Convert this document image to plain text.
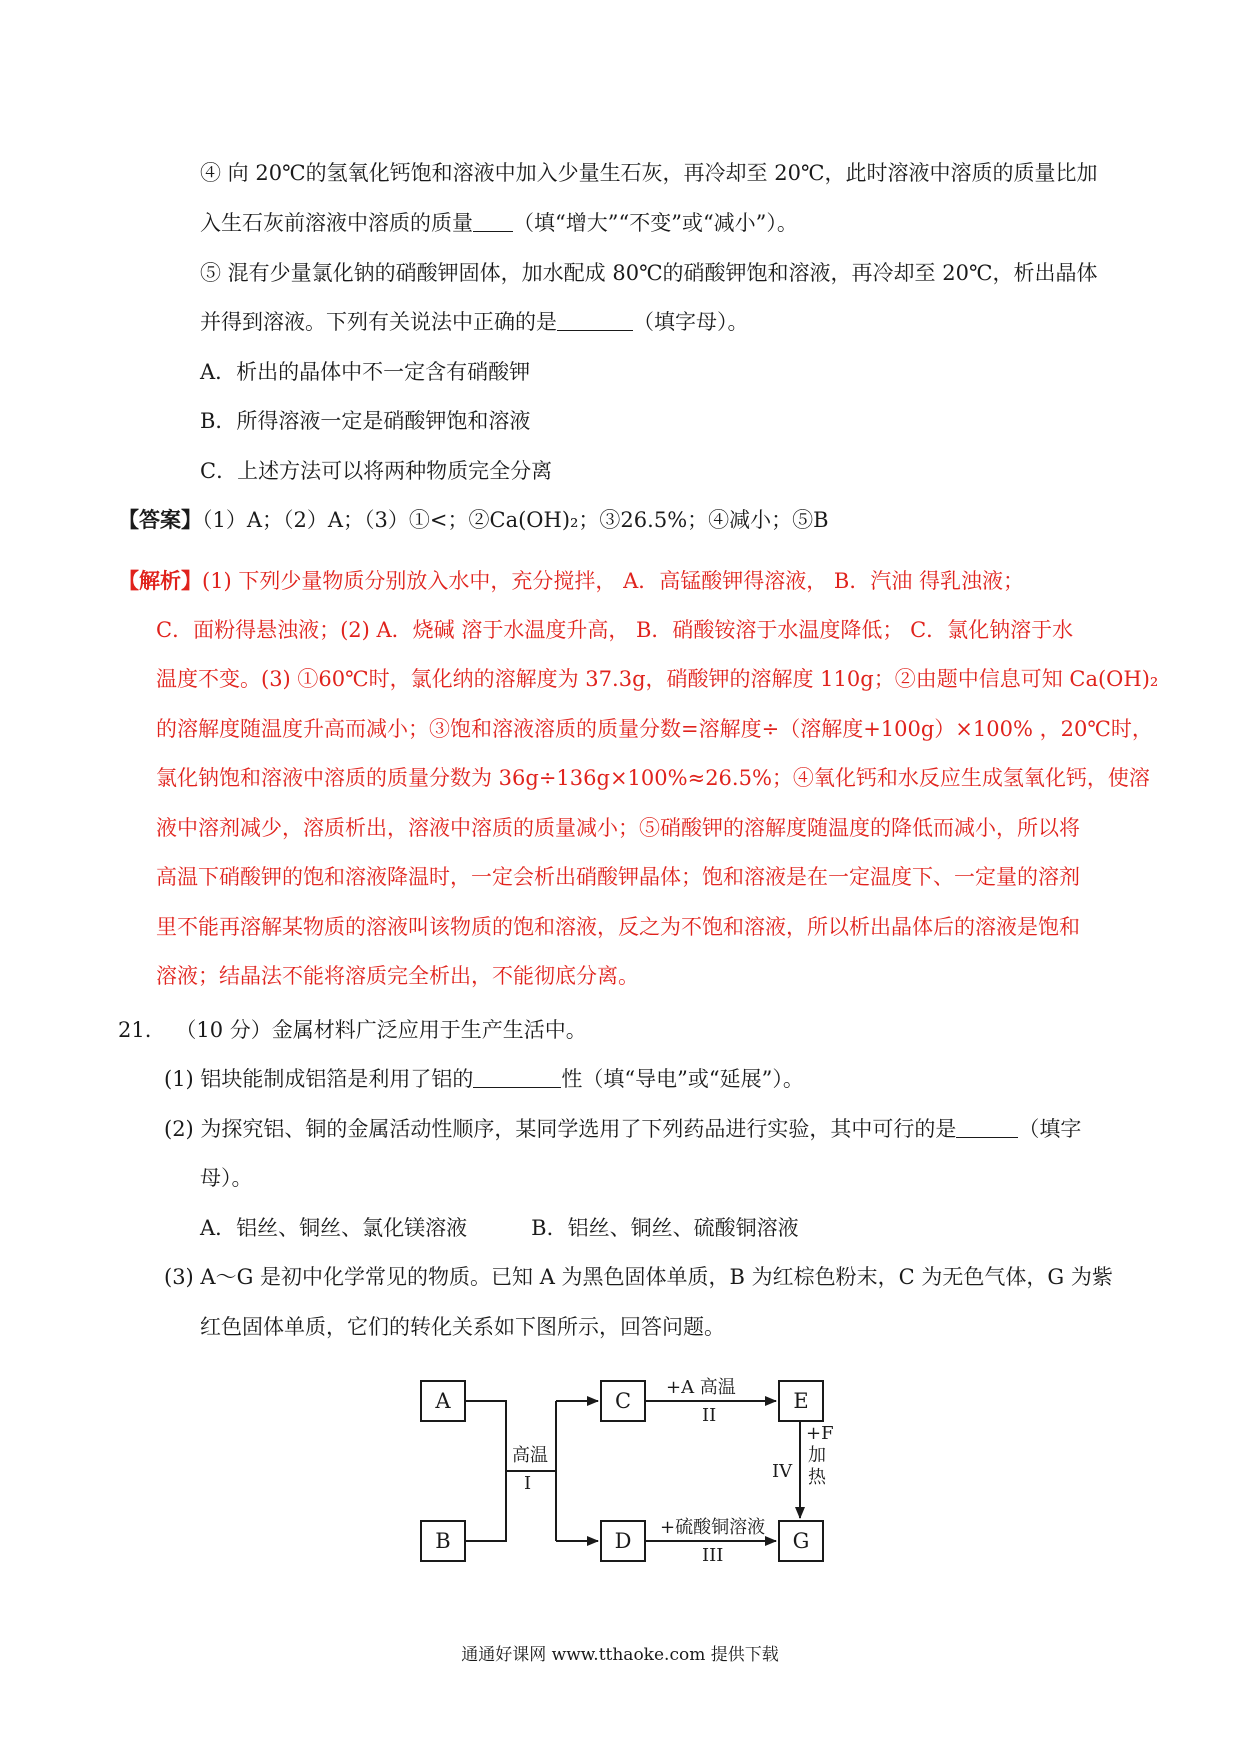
④ 向 20℃的氢氧化钙饱和溶液中加入少量生石灰，再冷却至 20℃，此时溶液中溶质的质量比加

入生石灰前溶液中溶质的质量 （填“增大”“不变”或“减小”）。

⑤ 混有少量氯化钠的硝酸钾固体，加水配成 80℃的硝酸钾饱和溶液，再冷却至 20℃，析出晶体

并得到溶液。下列有关说法中正确的是	（填字母）。

A．析出的晶体中不一定含有硝酸钾

B．所得溶液一定是硝酸钾饱和溶液

C．上述方法可以将两种物质完全分离

【答案】（1）A；（2）A；（3）①<；②Ca(OH)₂；③26.5%；④减小；⑤B

【解析】(1) 下列少量物质分别放入水中，充分搅拌， A．高锰酸钾得溶液， B．汽油 得乳浊液；

C．面粉得悬浊液；(2) A．烧碱 溶于水温度升高， B．硝酸铵溶于水温度降低； C．氯化钠溶于水

温度不变。(3) ①60℃时，氯化纳的溶解度为 37.3g，硝酸钾的溶解度 110g；②由题中信息可知 Ca(OH)₂

的溶解度随温度升高而减小；③饱和溶液溶质的质量分数=溶解度÷（溶解度+100g）×100% ，20℃时，

氯化钠饱和溶液中溶质的质量分数为 36g÷136g×100%≈26.5%；④氧化钙和水反应生成氢氧化钙，使溶

液中溶剂减少，溶质析出，溶液中溶质的质量减小；⑤硝酸钾的溶解度随温度的降低而减小，所以将

高温下硝酸钾的饱和溶液降温时，一定会析出硝酸钾晶体；饱和溶液是在一定温度下、一定量的溶剂

里不能再溶解某物质的溶液叫该物质的饱和溶液，反之为不饱和溶液，所以析出晶体后的溶液是饱和

溶液；结晶法不能将溶质完全析出，不能彻底分离。

21. （10 分）金属材料广泛应用于生产生活中。

(1) 铝块能制成铝箔是利用了铝的	性（填“导电”或“延展”）。

(2) 为探究铝、铜的金属活动性顺序，某同学选用了下列药品进行实验，其中可行的是	（填字

母）。

A．铝丝、铜丝、氯化镁溶液	B．铝丝、铜丝、硫酸铜溶液

(3) A～G 是初中化学常见的物质。已知 A 为黑色固体单质，B 为红棕色粉末，C 为无色气体，G 为紫

红色固体单质，它们的转化关系如下图所示，回答问题。

A
B
C
D
E
G
高温
I
+A 高温
II
+硫酸铜溶液
III
IV
+F
加
热
通通好课网 www.tthaoke.com 提供下载
